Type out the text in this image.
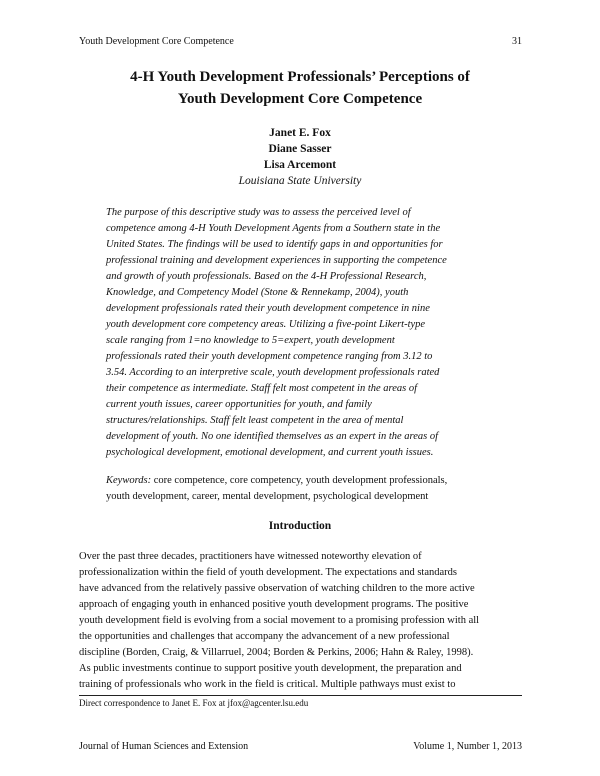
Youth Development Core Competence	31
4-H Youth Development Professionals’ Perceptions of
Youth Development Core Competence
Janet E. Fox
Diane Sasser
Lisa Arcemont
Louisiana State University
The purpose of this descriptive study was to assess the perceived level of
competence among 4-H Youth Development Agents from a Southern state in the
United States. The findings will be used to identify gaps in and opportunities for
professional training and development experiences in supporting the competence
and growth of youth professionals. Based on the 4-H Professional Research,
Knowledge, and Competency Model (Stone & Rennekamp, 2004), youth
development professionals rated their youth development competence in nine
youth development core competency areas. Utilizing a five-point Likert-type
scale ranging from 1=no knowledge to 5=expert, youth development
professionals rated their youth development competence ranging from 3.12 to
3.54. According to an interpretive scale, youth development professionals rated
their competence as intermediate. Staff felt most competent in the areas of
current youth issues, career opportunities for youth, and family
structures/relationships. Staff felt least competent in the area of mental
development of youth. No one identified themselves as an expert in the areas of
psychological development, emotional development, and current youth issues.
Keywords: core competence, core competency, youth development professionals,
youth development, career, mental development, psychological development
Introduction
Over the past three decades, practitioners have witnessed noteworthy elevation of
professionalization within the field of youth development. The expectations and standards
have advanced from the relatively passive observation of watching children to the more active
approach of engaging youth in enhanced positive youth development programs. The positive
youth development field is evolving from a social movement to a promising profession with all
the opportunities and challenges that accompany the advancement of a new professional
discipline (Borden, Craig, & Villarruel, 2004; Borden & Perkins, 2006; Hahn & Raley, 1998).
As public investments continue to support positive youth development, the preparation and
training of professionals who work in the field is critical. Multiple pathways must exist to
Direct correspondence to Janet E. Fox at jfox@agcenter.lsu.edu
Journal of Human Sciences and Extension	Volume 1, Number 1, 2013
